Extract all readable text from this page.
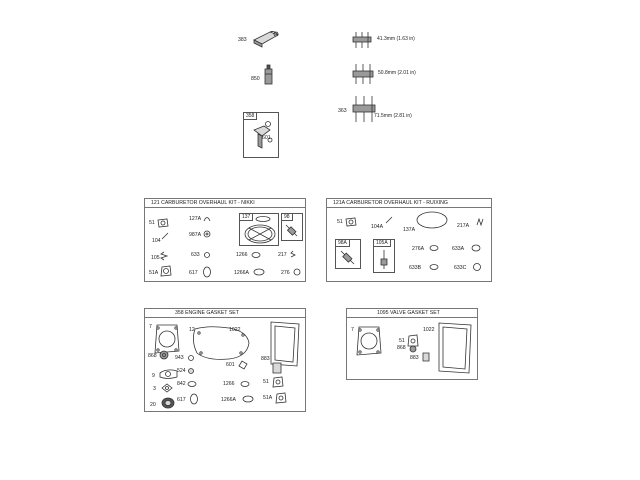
383
850
358
601
41.3mm (1.63 in)
50.8mm (2.01 in)
363
71.5mm (2.81 in)
121 CARBURETOR OVERHAUL KIT - NIKKI
51
127A
104
987A
105	633
51A	617
137	98
1266	217
1266A	276
121A CARBURETOR OVERHAUL KIT - RUIXING
51
104A	137A
217A
98A	105A
276A	633A
633B	633C
358 ENGINE GASKET SET
7	12	1022
868	943
524
601
883
9
842	1266	51
3
20
617	1266A	51A
1095 VALVE GASKET SET
7	1022
51
868
883
